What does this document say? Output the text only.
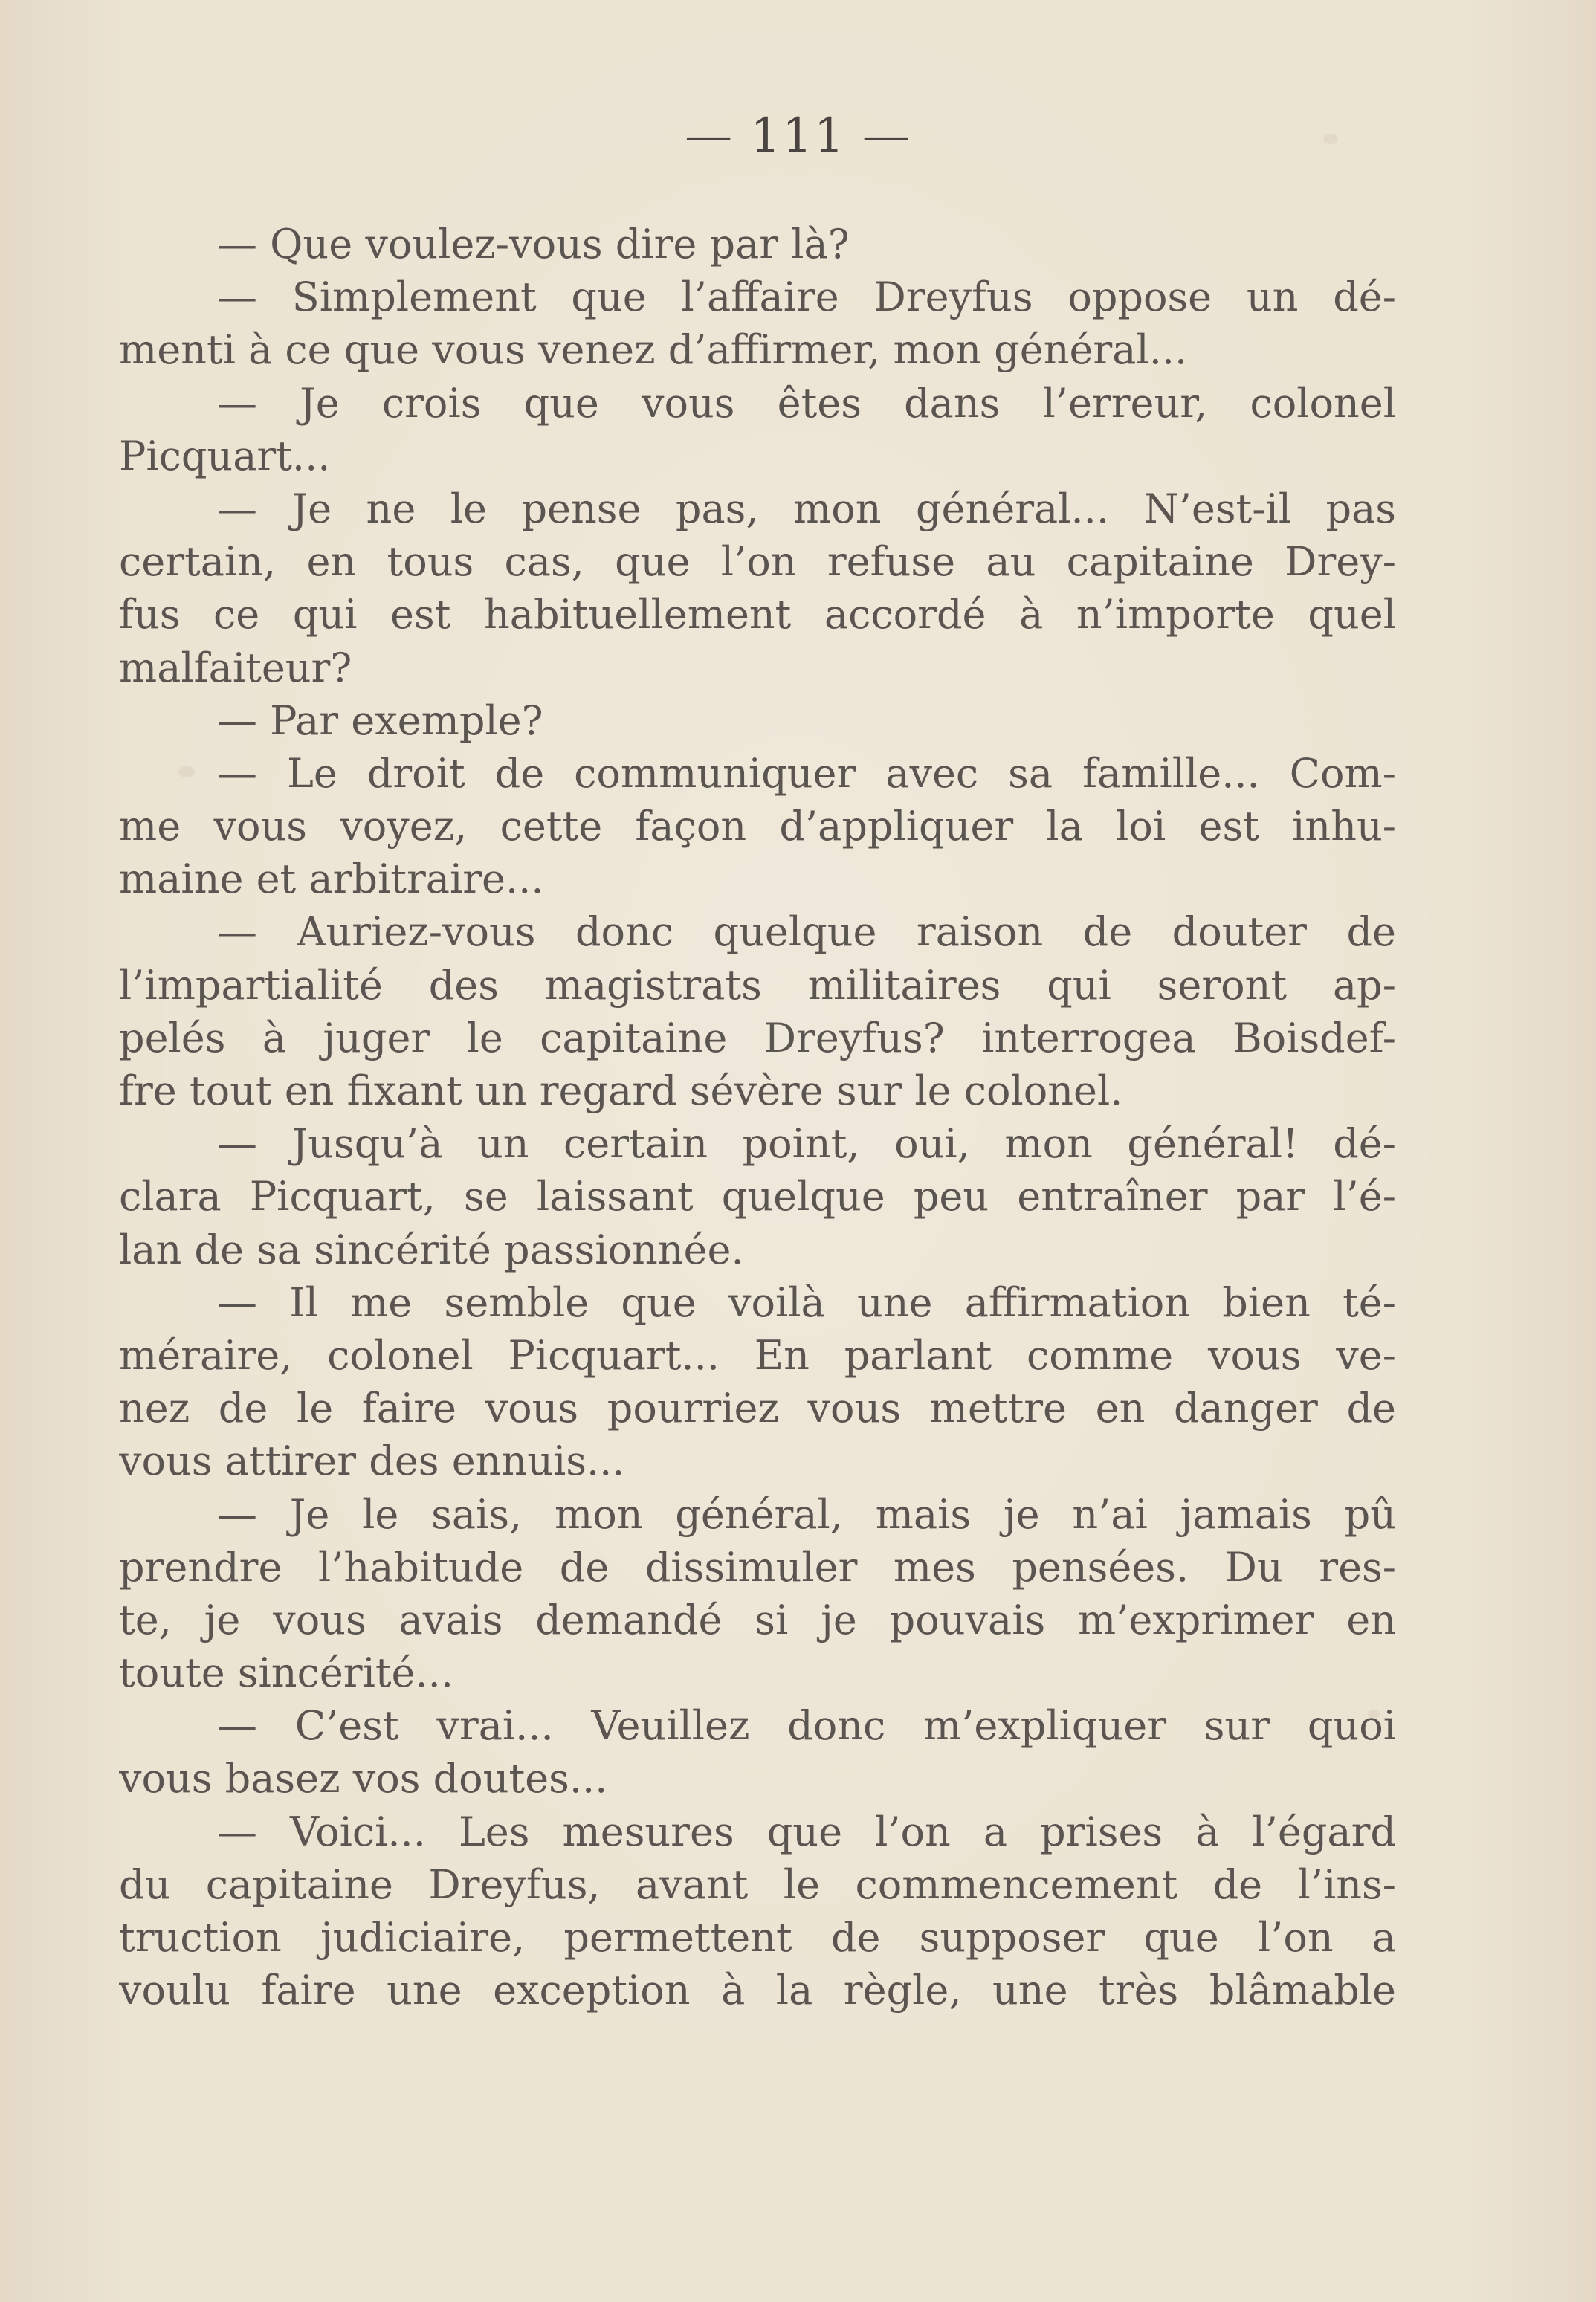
— 111 —
— Que voulez-vous dire par là?
— Simplement que l’affaire Dreyfus oppose un dé-
menti à ce que vous venez d’affirmer, mon général...
— Je crois que vous êtes dans l’erreur, colonel
Picquart...
— Je ne le pense pas, mon général... N’est-il pas
certain, en tous cas, que l’on refuse au capitaine Drey-
fus ce qui est habituellement accordé à n’importe quel
malfaiteur?
— Par exemple?
— Le droit de communiquer avec sa famille... Com-
me vous voyez, cette façon d’appliquer la loi est inhu-
maine et arbitraire...
— Auriez-vous donc quelque raison de douter de
l’impartialité des magistrats militaires qui seront ap-
pelés à juger le capitaine Dreyfus? interrogea Boisdef-
fre tout en fixant un regard sévère sur le colonel.
— Jusqu’à un certain point, oui, mon général! dé-
clara Picquart, se laissant quelque peu entraîner par l’é-
lan de sa sincérité passionnée.
— Il me semble que voilà une affirmation bien té-
méraire, colonel Picquart... En parlant comme vous ve-
nez de le faire vous pourriez vous mettre en danger de
vous attirer des ennuis...
— Je le sais, mon général, mais je n’ai jamais pû
prendre l’habitude de dissimuler mes pensées. Du res-
te, je vous avais demandé si je pouvais m’exprimer en
toute sincérité...
— C’est vrai... Veuillez donc m’expliquer sur quoi
vous basez vos doutes...
— Voici... Les mesures que l’on a prises à l’égard
du capitaine Dreyfus, avant le commencement de l’ins-
truction judiciaire, permettent de supposer que l’on a
voulu faire une exception à la règle, une très blâmable
